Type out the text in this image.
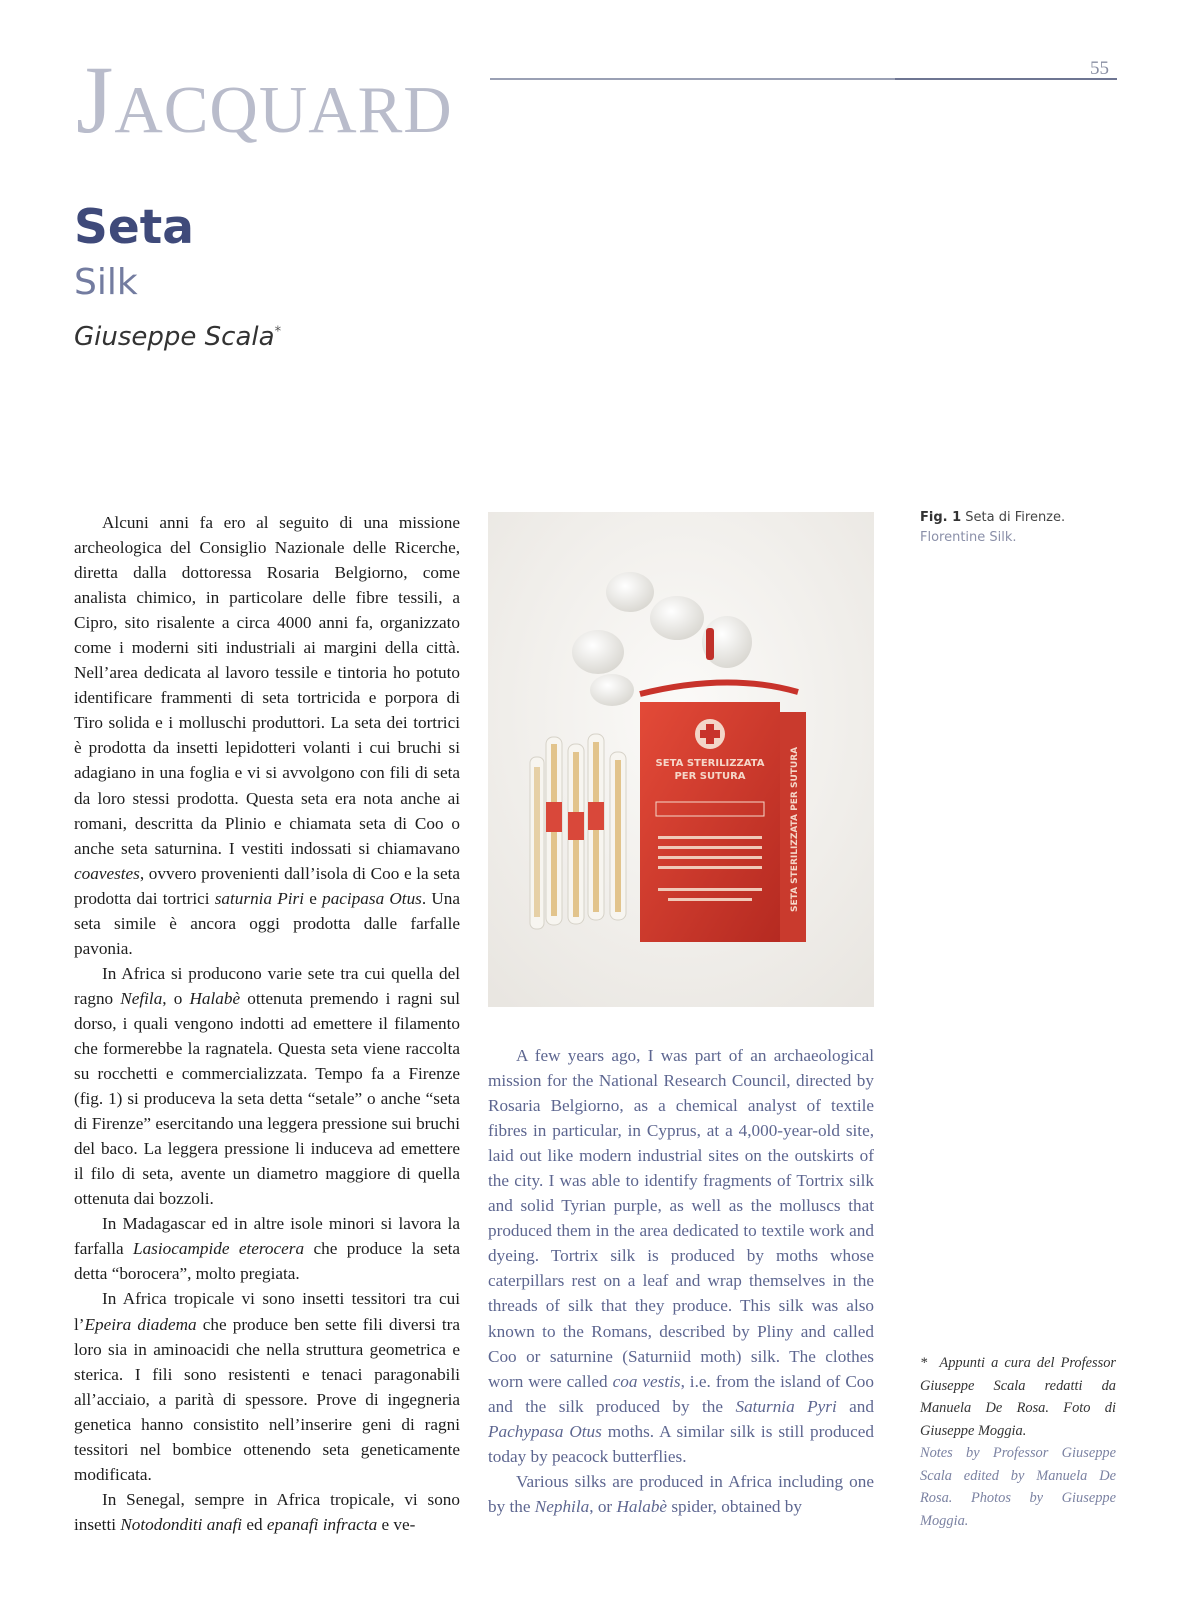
Jacquard	55
Seta
Silk
Giuseppe Scala*

Alcuni anni fa ero al seguito di una missione archeologica del Consiglio Nazionale delle Ricerche, diretta dalla dottoressa Rosaria Belgiorno, come analista chimico, in particolare delle fibre tessili, a Cipro, sito risalente a circa 4000 anni fa, organizzato come i moderni siti industriali ai margini della città. Nell’area dedicata al lavoro tessile e tintoria ho potuto identificare frammenti di seta tortricida e porpora di Tiro solida e i molluschi produttori. La seta dei tortrici è prodotta da insetti lepidotteri volanti i cui bruchi si adagiano in una foglia e vi si avvolgono con fili di seta da loro stessi prodotta. Questa seta era nota anche ai romani, descritta da Plinio e chiamata seta di Coo o anche seta saturnina. I vestiti indossati si chiamavano coavestes, ovvero provenienti dall’isola di Coo e la seta prodotta dai tortrici saturnia Piri e pacipasa Otus. Una seta simile è ancora oggi prodotta dalle farfalle pavonia.

In Africa si producono varie sete tra cui quella del ragno Nefila, o Halabè ottenuta premendo i ragni sul dorso, i quali vengono indotti ad emettere il filamento che formerebbe la ragnatela. Questa seta viene raccolta su rocchetti e commercializzata. Tempo fa a Firenze (fig. 1) si produceva la seta detta “setale” o anche “seta di Firenze” esercitando una leggera pressione sui bruchi del baco. La leggera pressione li induceva ad emettere il filo di seta, avente un diametro maggiore di quella ottenuta dai bozzoli.

In Madagascar ed in altre isole minori si lavora la farfalla Lasiocampide eterocera che produce la seta detta “borocera”, molto pregiata.

In Africa tropicale vi sono insetti tessitori tra cui l’Epeira diadema che produce ben sette fili diversi tra loro sia in aminoacidi che nella struttura geometrica e sterica. I fili sono resistenti e tenaci paragonabili all’acciaio, a parità di spessore. Prove di ingegneria genetica hanno consistito nell’inserire geni di ragni tessitori nel bombice ottenendo seta geneticamente modificata.

In Senegal, sempre in Africa tropicale, vi sono insetti Notodonditi anafi ed epanafi infracta e ve-

SETA STERILIZZATA
PER SUTURA	SETA STERILIZZATA PER SUTURA

A few years ago, I was part of an archaeological mission for the National Research Council, directed by Rosaria Belgiorno, as a chemical analyst of textile fibres in particular, in Cyprus, at a 4,000-year-old site, laid out like modern industrial sites on the outskirts of the city. I was able to identify fragments of Tortrix silk and solid Tyrian purple, as well as the molluscs that produced them in the area dedicated to textile work and dyeing. Tortrix silk is produced by moths whose caterpillars rest on a leaf and wrap themselves in the threads of silk that they produce. This silk was also known to the Romans, described by Pliny and called Coo or saturnine (Saturniid moth) silk. The clothes worn were called coa vestis, i.e. from the island of Coo and the silk produced by the Saturnia Pyri and Pachypasa Otus moths. A similar silk is still produced today by peacock butterflies.

Various silks are produced in Africa including one by the Nephila, or Halabè spider, obtained by

Fig. 1 Seta di Firenze.
Florentine Silk.
* Appunti a cura del Professor Giuseppe Scala redatti da Manuela De Rosa. Foto di Giuseppe Moggia.
Notes by Professor Giuseppe Scala edited by Manuela De Rosa. Photos by Giuseppe Moggia.
